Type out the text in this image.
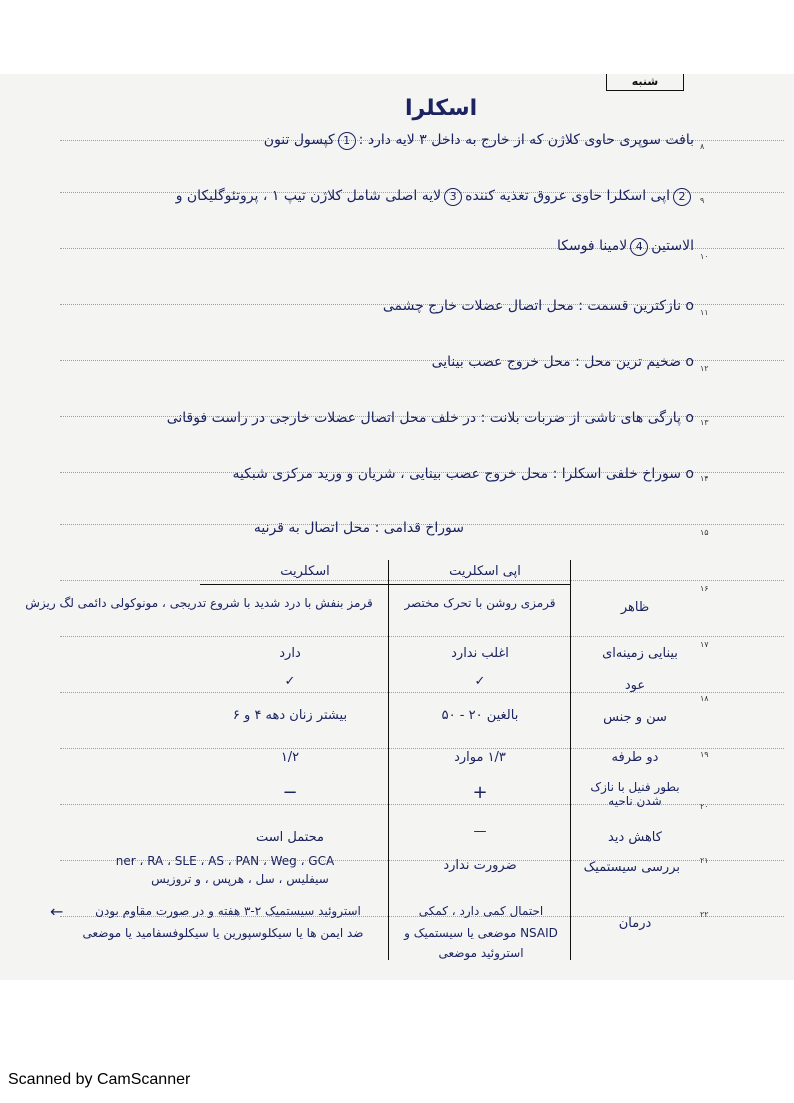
شنبه
۸
۹
۱۰
۱۱
۱۲
۱۳
۱۴
۱۵
۱۶
۱۷
۱۸
۱۹
۲۰
۲۱
۲۲
اسکلرا
بافت سوپری حاوی کلاژن که از خارج به داخل ۳ لایه دارد :1کپسول تنون
2اپی اسکلرا حاوی عروق تغذیه کننده3لایه اصلی شامل کلاژن تیپ ۱ ، پروتئوگلیکان و
الاستین4لامینا فوسکا
o نازکترین قسمت : محل اتصال عضلات خارج چشمی
o ضخیم ترین محل : محل خروج عصب بینایی
o پارگی های ناشی از ضربات بلانت : در خلف محل اتصال عضلات خارجی در راست فوقانی
o سوراخ خلفی اسکلرا : محل خروج عصب بینایی ، شریان و ورید مرکزی شبکیه
سوراخ قدامی : محل اتصال به قرنیه
اپی اسکلریت
اسکلریت
ظاهر
قرمزی روشن با تحرک مختصر
قرمز بنفش با درد شدید با شروع تدریجی ، مونوکولی دائمی لگ ریزش
بینایی زمینه‌ای
اغلب ندارد
دارد
عود
✓
✓
سن و جنس
بالغین ۲۰ - ۵۰
بیشتر زنان دهه ۴ و ۶
دو طرفه
۱/۳ موارد
۱/۲
بطور فنیل با نازک شدن ناحیه
+
−
کاهش دید
—
محتمل است
بررسی سیستمیک
ضرورت ندارد
ner ، RA ، SLE ، AS ، PAN ، Weg ، GCA
سیفلیس ، سل ، هرپس ، و تروزیس
درمان
احتمال کمی دارد ، کمکی
NSAID موضعی یا سیستمیک و
استروئید موضعی
←	استروئید سیستمیک ۲-۳ هفته و در صورت مقاوم بودن
ضد ایمن ها یا سیکلوسپورین یا سیکلوفسفامید یا موضعی
Scanned by CamScanner
